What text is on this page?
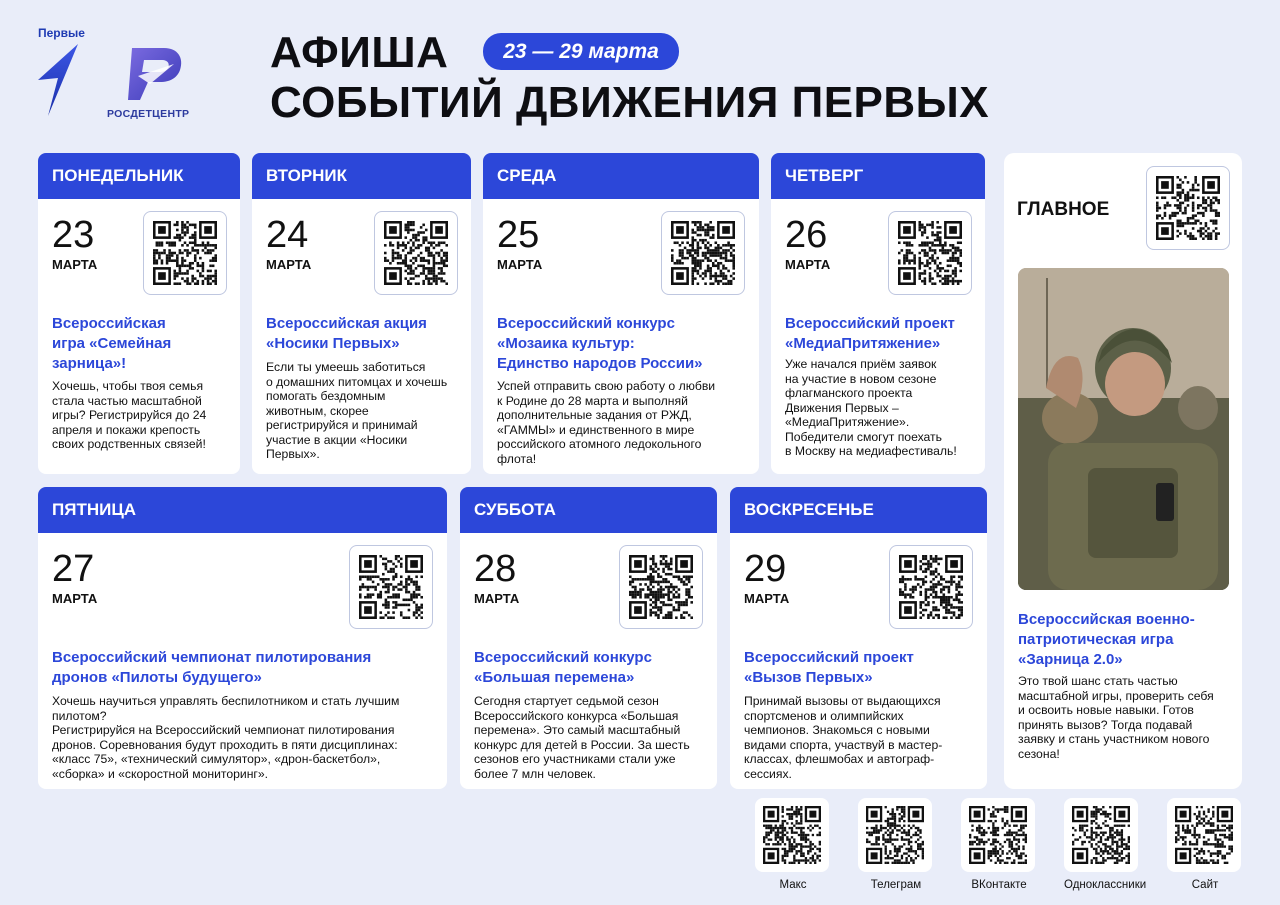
Первые
РОСДЕТЦЕНТР
АФИША
СОБЫТИЙ ДВИЖЕНИЯ ПЕРВЫХ
23 — 29 марта
ПОНЕДЕЛЬНИК
23
МАРТА
Всероссийская
игра «Семейная
зарница»!
Хочешь, чтобы твоя семья
стала частью масштабной
игры? Регистрируйся до 24
апреля и покажи крепость
своих родственных связей!
ВТОРНИК
24
МАРТА
Всероссийская акция
«Носики Первых»
Если ты умеешь заботиться
о домашних питомцах и хочешь
помогать бездомным
животным, скорее
регистрируйся и принимай
участие в акции «Носики
Первых».
СРЕДА
25
МАРТА
Всероссийский конкурс
«Мозаика культур:
Единство народов России»
Успей отправить свою работу о любви
к Родине до 28 марта и выполняй
дополнительные задания от РЖД,
«ГАММЫ» и единственного в мире
российского атомного ледокольного
флота!
ЧЕТВЕРГ
26
МАРТА
Всероссийский проект
«МедиаПритяжение»
Уже начался приём заявок
на участие в новом сезоне
флагманского проекта
Движения Первых –
«МедиаПритяжение».
Победители смогут поехать
в Москву на медиафестиваль!
ПЯТНИЦА
27
МАРТА
Всероссийский чемпионат пилотирования
дронов «Пилоты будущего»
Хочешь научиться управлять беспилотником и стать лучшим
пилотом?
Регистрируйся на Всероссийский чемпионат пилотирования
дронов. Соревнования будут проходить в пяти дисциплинах:
«класс 75», «технический симулятор», «дрон-баскетбол»,
«сборка» и «скоростной мониторинг».
СУББОТА
28
МАРТА
Всероссийский конкурс
«Большая перемена»
Сегодня стартует седьмой сезон
Всероссийского конкурса «Большая
перемена». Это самый масштабный
конкурс для детей в России. За шесть
сезонов его участниками стали уже
более 7 млн человек.
ВОСКРЕСЕНЬЕ
29
МАРТА
Всероссийский проект
«Вызов Первых»
Принимай вызовы от выдающихся
спортсменов и олимпийских
чемпионов. Знакомься с новыми
видами спорта, участвуй в мастер-
классах, флешмобах и автограф-
сессиях.
ГЛАВНОЕ
Всероссийская военно-
патриотическая игра
«Зарница 2.0»
Это твой шанс стать частью
масштабной игры, проверить себя
и освоить новые навыки. Готов
принять вызов? Тогда подавай
заявку и стань участником нового
сезона!
Макс	Телеграм	ВКонтакте	Одноклассники	Сайт
